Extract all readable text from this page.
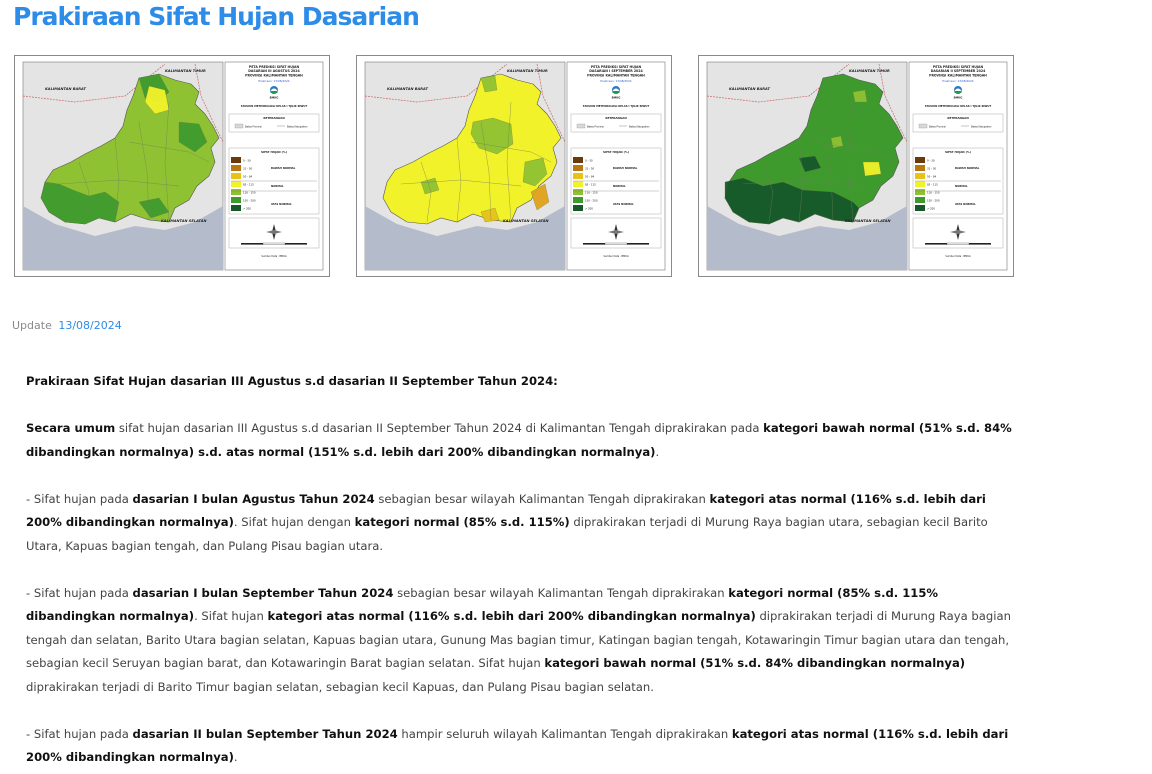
Prakiraan Sifat Hujan Dasarian
KALIMANTAN BARAT
KALIMANTAN TIMUR
KALIMANTAN SELATAN
PETA PREDIKSI SIFAT HUJAN
DASARIAN III AGUSTUS 2024
PROVINSI KALIMANTAN TENGAH
Prakiraan: 13/08/2024
BMKG
STASIUN METEOROLOGI KELAS I TJILIK RIWUT
KETERANGAN
Batas Provinsi	Batas Kabupaten
SIFAT HUJAN (%)
0 - 30
31 - 50
50 - 84
85 - 115
116 - 150
150 - 200
> 200
BAWAH NORMAL
NORMAL
ATAS NORMAL
Sumber Data : BMKG
KALIMANTAN BARAT
KALIMANTAN TIMUR
KALIMANTAN SELATAN
PETA PREDIKSI SIFAT HUJAN
DASARIAN I SEPTEMBER 2024
PROVINSI KALIMANTAN TENGAH
Prakiraan: 13/08/2024
BMKG
STASIUN METEOROLOGI KELAS I TJILIK RIWUT
KETERANGAN
Batas Provinsi	Batas Kabupaten
SIFAT HUJAN (%)
0 - 30
31 - 50
50 - 84
85 - 115
116 - 150
150 - 200
> 200
BAWAH NORMAL
NORMAL
ATAS NORMAL
Sumber Data : BMKG
KALIMANTAN BARAT
KALIMANTAN TIMUR
KALIMANTAN SELATAN
PETA PREDIKSI SIFAT HUJAN
DASARIAN II SEPTEMBER 2024
PROVINSI KALIMANTAN TENGAH
Prakiraan: 13/08/2024
BMKG
STASIUN METEOROLOGI KELAS I TJILIK RIWUT
KETERANGAN
Batas Provinsi	Batas Kabupaten
SIFAT HUJAN (%)
0 - 30
31 - 50
50 - 84
85 - 115
116 - 150
150 - 200
> 200
BAWAH NORMAL
NORMAL
ATAS NORMAL
Sumber Data : BMKG
Update 13/08/2024

Prakiraan Sifat Hujan dasarian III Agustus s.d dasarian II September Tahun 2024:

Secara umum sifat hujan dasarian III Agustus s.d dasarian II September Tahun 2024 di Kalimantan Tengah diprakirakan pada kategori bawah normal (51% s.d. 84% dibandingkan normalnya) s.d. atas normal (151% s.d. lebih dari 200% dibandingkan normalnya).

- Sifat hujan pada dasarian I bulan Agustus Tahun 2024 sebagian besar wilayah Kalimantan Tengah diprakirakan kategori atas normal (116% s.d. lebih dari 200% dibandingkan normalnya). Sifat hujan dengan kategori normal (85% s.d. 115%) diprakirakan terjadi di Murung Raya bagian utara, sebagian kecil Barito Utara, Kapuas bagian tengah, dan Pulang Pisau bagian utara.

- Sifat hujan pada dasarian I bulan September Tahun 2024 sebagian besar wilayah Kalimantan Tengah diprakirakan kategori normal (85% s.d. 115% dibandingkan normalnya). Sifat hujan kategori atas normal (116% s.d. lebih dari 200% dibandingkan normalnya) diprakirakan terjadi di Murung Raya bagian tengah dan selatan, Barito Utara bagian selatan, Kapuas bagian utara, Gunung Mas bagian timur, Katingan bagian tengah, Kotawaringin Timur bagian utara dan tengah, sebagian kecil Seruyan bagian barat, dan Kotawaringin Barat bagian selatan. Sifat hujan kategori bawah normal (51% s.d. 84% dibandingkan normalnya) diprakirakan terjadi di Barito Timur bagian selatan, sebagian kecil Kapuas, dan Pulang Pisau bagian selatan.

- Sifat hujan pada dasarian II bulan September Tahun 2024 hampir seluruh wilayah Kalimantan Tengah diprakirakan kategori atas normal (116% s.d. lebih dari 200% dibandingkan normalnya).
